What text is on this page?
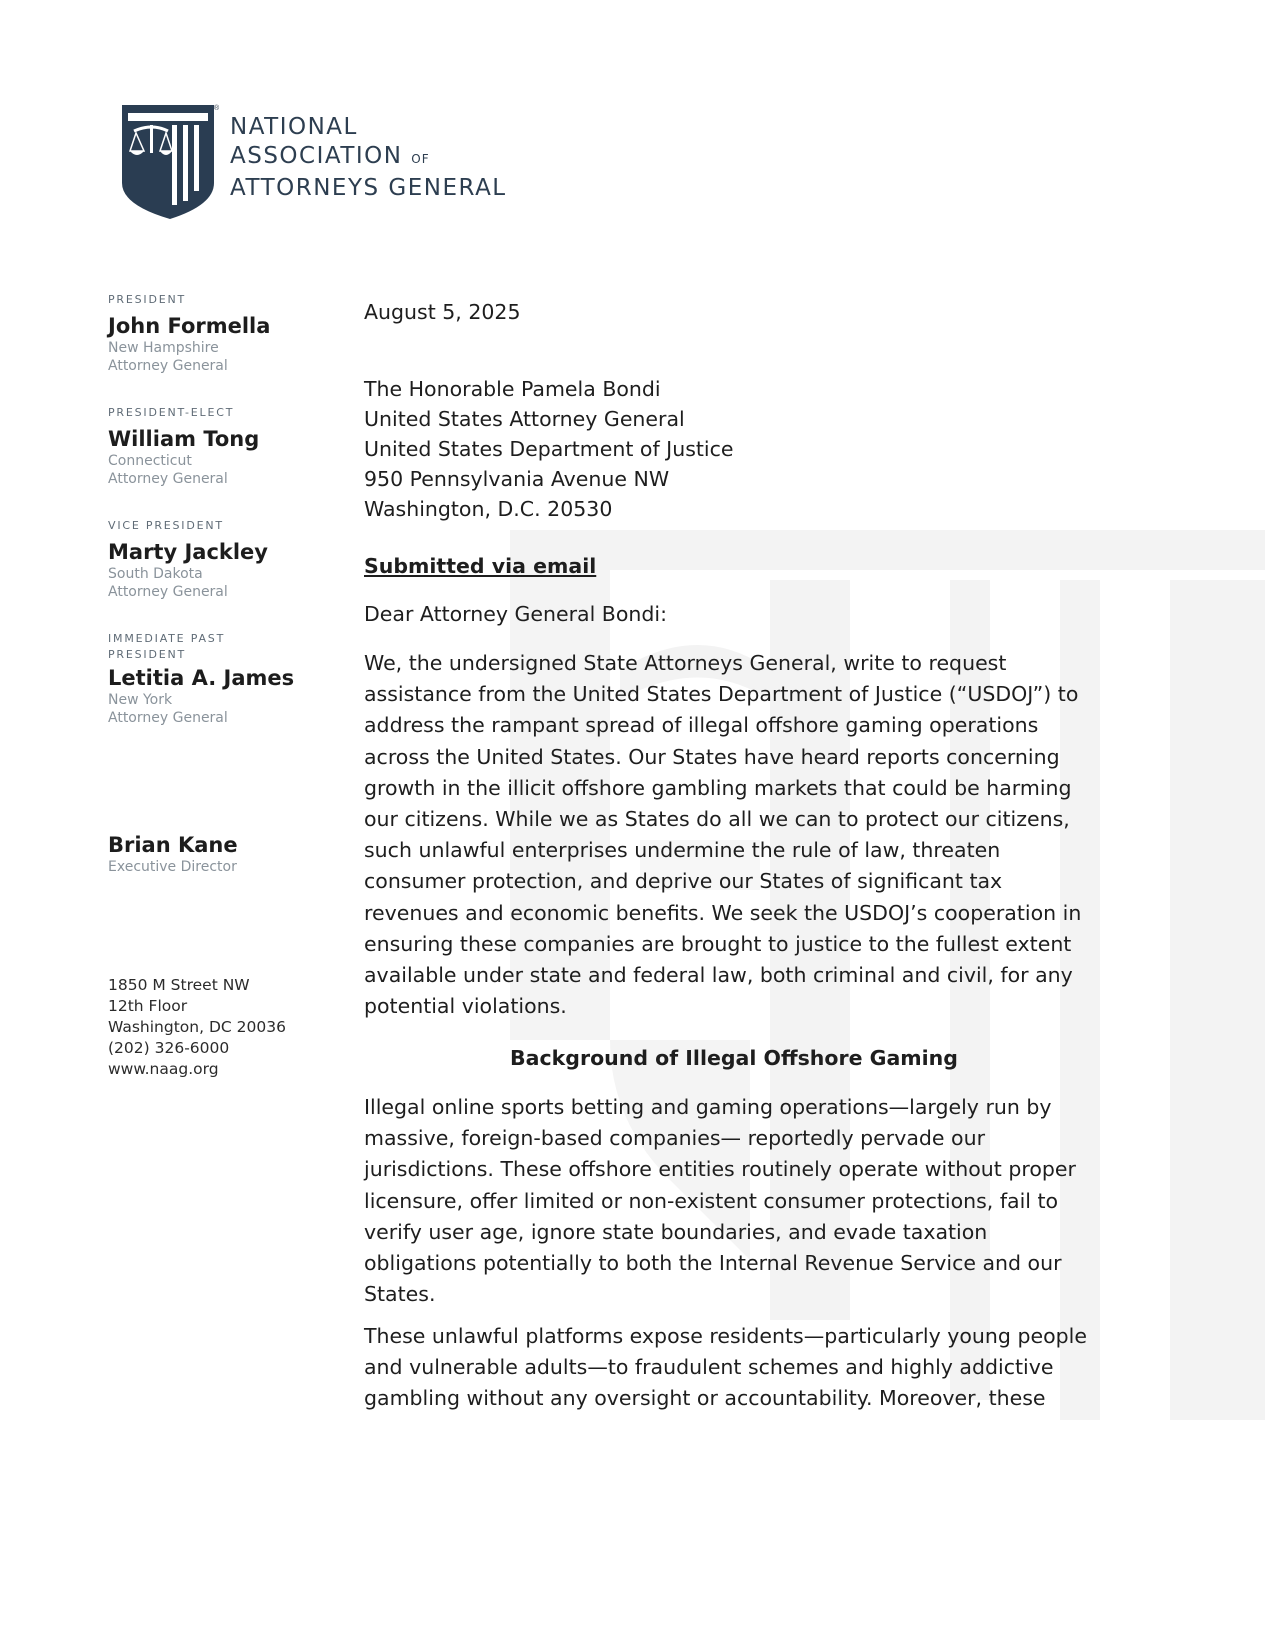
®
NATIONAL
ASSOCIATION OF
ATTORNEYS GENERAL
PRESIDENT
John Formella
New Hampshire
Attorney General
PRESIDENT-ELECT
William Tong
Connecticut
Attorney General
VICE PRESIDENT
Marty Jackley
South Dakota
Attorney General
IMMEDIATE PAST
PRESIDENT
Letitia A. James
New York
Attorney General
Brian Kane
Executive Director
1850 M Street NW
12th Floor
Washington, DC 20036
(202) 326-6000
www.naag.org
August 5, 2025
The Honorable Pamela Bondi
United States Attorney General
United States Department of Justice
950 Pennsylvania Avenue NW
Washington, D.C. 20530
Submitted via email
Dear Attorney General Bondi:
We, the undersigned State Attorneys General, write to request
assistance from the United States Department of Justice (“USDOJ”) to
address the rampant spread of illegal offshore gaming operations
across the United States. Our States have heard reports concerning
growth in the illicit offshore gambling markets that could be harming
our citizens. While we as States do all we can to protect our citizens,
such unlawful enterprises undermine the rule of law, threaten
consumer protection, and deprive our States of significant tax
revenues and economic benefits. We seek the USDOJ’s cooperation in
ensuring these companies are brought to justice to the fullest extent
available under state and federal law, both criminal and civil, for any
potential violations.
Background of Illegal Offshore Gaming
Illegal online sports betting and gaming operations—largely run by
massive, foreign-based companies— reportedly pervade our
jurisdictions. These offshore entities routinely operate without proper
licensure, offer limited or non-existent consumer protections, fail to
verify user age, ignore state boundaries, and evade taxation
obligations potentially to both the Internal Revenue Service and our
States.
These unlawful platforms expose residents—particularly young people
and vulnerable adults—to fraudulent schemes and highly addictive
gambling without any oversight or accountability. Moreover, these
